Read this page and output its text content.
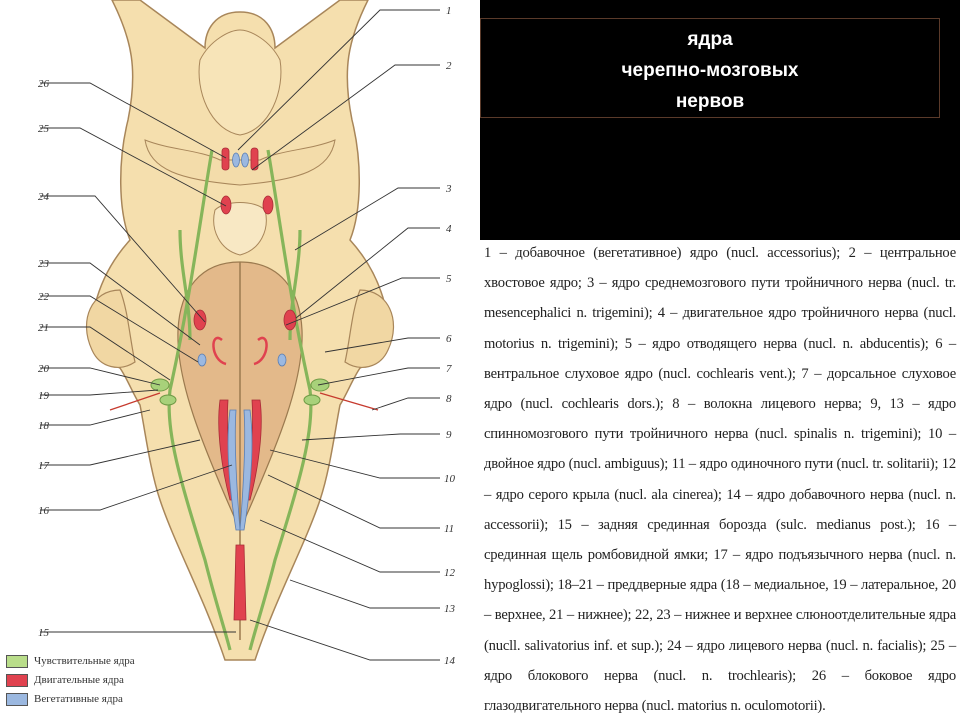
1
2
3
4
5
6
7
8
9
10
11
12
13
14
15
16
17
18
19
20
21
22
23
24
25
26
Чувствительные ядра
Двигательные ядра
Вегетативные ядра
ядра
черепно-мозговых
нервов
1 – добавочное (вегетативное) ядро (nucl. accessorius); 2 – центральное хвостовое ядро; 3 – ядро среднемозгового пути тройничного нерва (nucl. tr. mesencephalici n. trigemini); 4 – двигательное ядро тройничного нерва (nucl. motorius n. trigemini); 5 – ядро отводящего нерва (nucl. n. abducentis); 6 – вентральное слуховое ядро (nucl. cochlearis vent.); 7 – дорсальное слуховое ядро (nucl. cochlearis dors.); 8 – волокна лицевого нерва; 9, 13 – ядро спинномозгового пути тройничного нерва (nucl. spinalis n. trigemini); 10 – двойное ядро (nucl. ambiguus); 11 – ядро одиночного пути (nucl. tr. solitarii); 12 – ядро серого крыла (nucl. ala cinerea); 14 – ядро добавочного нерва (nucl. n. accessorii); 15 – задняя срединная борозда (sulc. medianus post.); 16 – срединная щель ромбовидной ямки; 17 – ядро подъязычного нерва (nucl. n. hypoglossi); 18–21 – преддверные ядра (18 – медиальное, 19 – латеральное, 20 – верхнее, 21 – нижнее); 22, 23 – нижнее и верхнее слюноотделительные ядра (nucll. salivatorius inf. et sup.); 24 – ядро лицевого нерва (nucl. n. facialis); 25 – ядро блокового нерва (nucl. n. trochlearis); 26 – боковое ядро глазодвигательного нерва (nucl. matorius n. oculomotorii).
